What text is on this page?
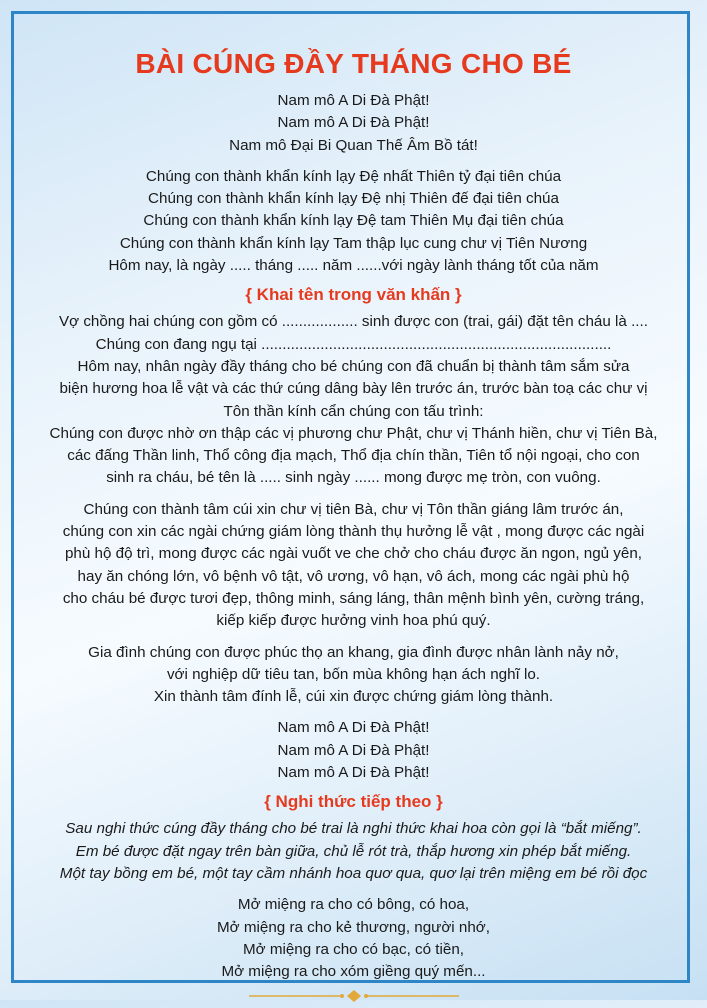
BÀI CÚNG ĐẦY THÁNG CHO BÉ
Nam mô A Di Đà Phật!
Nam mô A Di Đà Phật!
Nam mô Đại Bi Quan Thế Âm Bồ tát!
Chúng con thành khẩn kính lạy Đệ nhất Thiên tỷ đại tiên chúa
Chúng con thành khẩn kính lạy Đệ nhị Thiên đế đại tiên chúa
Chúng con thành khẩn kính lạy Đệ tam Thiên Mụ đại tiên chúa
Chúng con thành khẩn kính lạy Tam thập lục cung chư vị Tiên Nương
Hôm nay, là ngày ..... tháng ..... năm ......với ngày lành tháng tốt của năm
{ Khai tên trong văn khấn }
Vợ chồng hai chúng con gồm có .................. sinh được con (trai, gái) đặt tên cháu là ....
Chúng con đang ngụ tại ...................................................................................
Hôm nay, nhân ngày đầy tháng cho bé chúng con đã chuẩn bị thành tâm sắm sửa
biện hương hoa lễ vật và các thứ cúng dâng bày lên trước án, trước bàn toạ các chư vị
Tôn thần kính cẩn chúng con tấu trình:
Chúng con được nhờ ơn thập các vị phương chư Phật, chư vị Thánh hiền, chư vị Tiên Bà,
các đấng Thần linh, Thổ công địa mạch, Thổ địa chín thần, Tiên tổ nội ngoại, cho con
sinh ra cháu, bé tên là ..... sinh ngày ...... mong được mẹ tròn, con vuông.
Chúng con thành tâm cúi xin chư vị tiên Bà, chư vị Tôn thần giáng lâm trước án,
chúng con xin các ngài chứng giám lòng thành thụ hưởng lễ vật , mong được các ngài
phù hộ độ trì, mong được các ngài vuốt ve che chở cho cháu được ăn ngon, ngủ yên,
hay ăn chóng lớn, vô bệnh vô tật, vô ương, vô hạn, vô ách, mong các ngài phù hộ
cho cháu bé được tươi đẹp, thông minh, sáng láng, thân mệnh bình yên, cường tráng,
kiếp kiếp được hưởng vinh hoa phú quý.
Gia đình chúng con được phúc thọ an khang, gia đình được nhân lành nảy nở,
với nghiệp dữ tiêu tan, bốn mùa không hạn ách nghĩ lo.
Xin thành tâm đính lễ, cúi xin được chứng giám lòng thành.
Nam mô A Di Đà Phật!
Nam mô A Di Đà Phật!
Nam mô A Di Đà Phật!
{ Nghi thức tiếp theo }
Sau nghi thức cúng đầy tháng cho bé trai là nghi thức khai hoa còn gọi là “bắt miếng”.
Em bé được đặt ngay trên bàn giữa, chủ lễ rót trà, thắp hương xin phép bắt miếng.
Một tay bồng em bé, một tay cầm nhánh hoa quơ qua, quơ lại trên miệng em bé rồi đọc
Mở miệng ra cho có bông, có hoa,
Mở miệng ra cho kẻ thương, người nhớ,
Mở miệng ra cho có bạc, có tiền,
Mở miệng ra cho xóm giềng quý mến...
